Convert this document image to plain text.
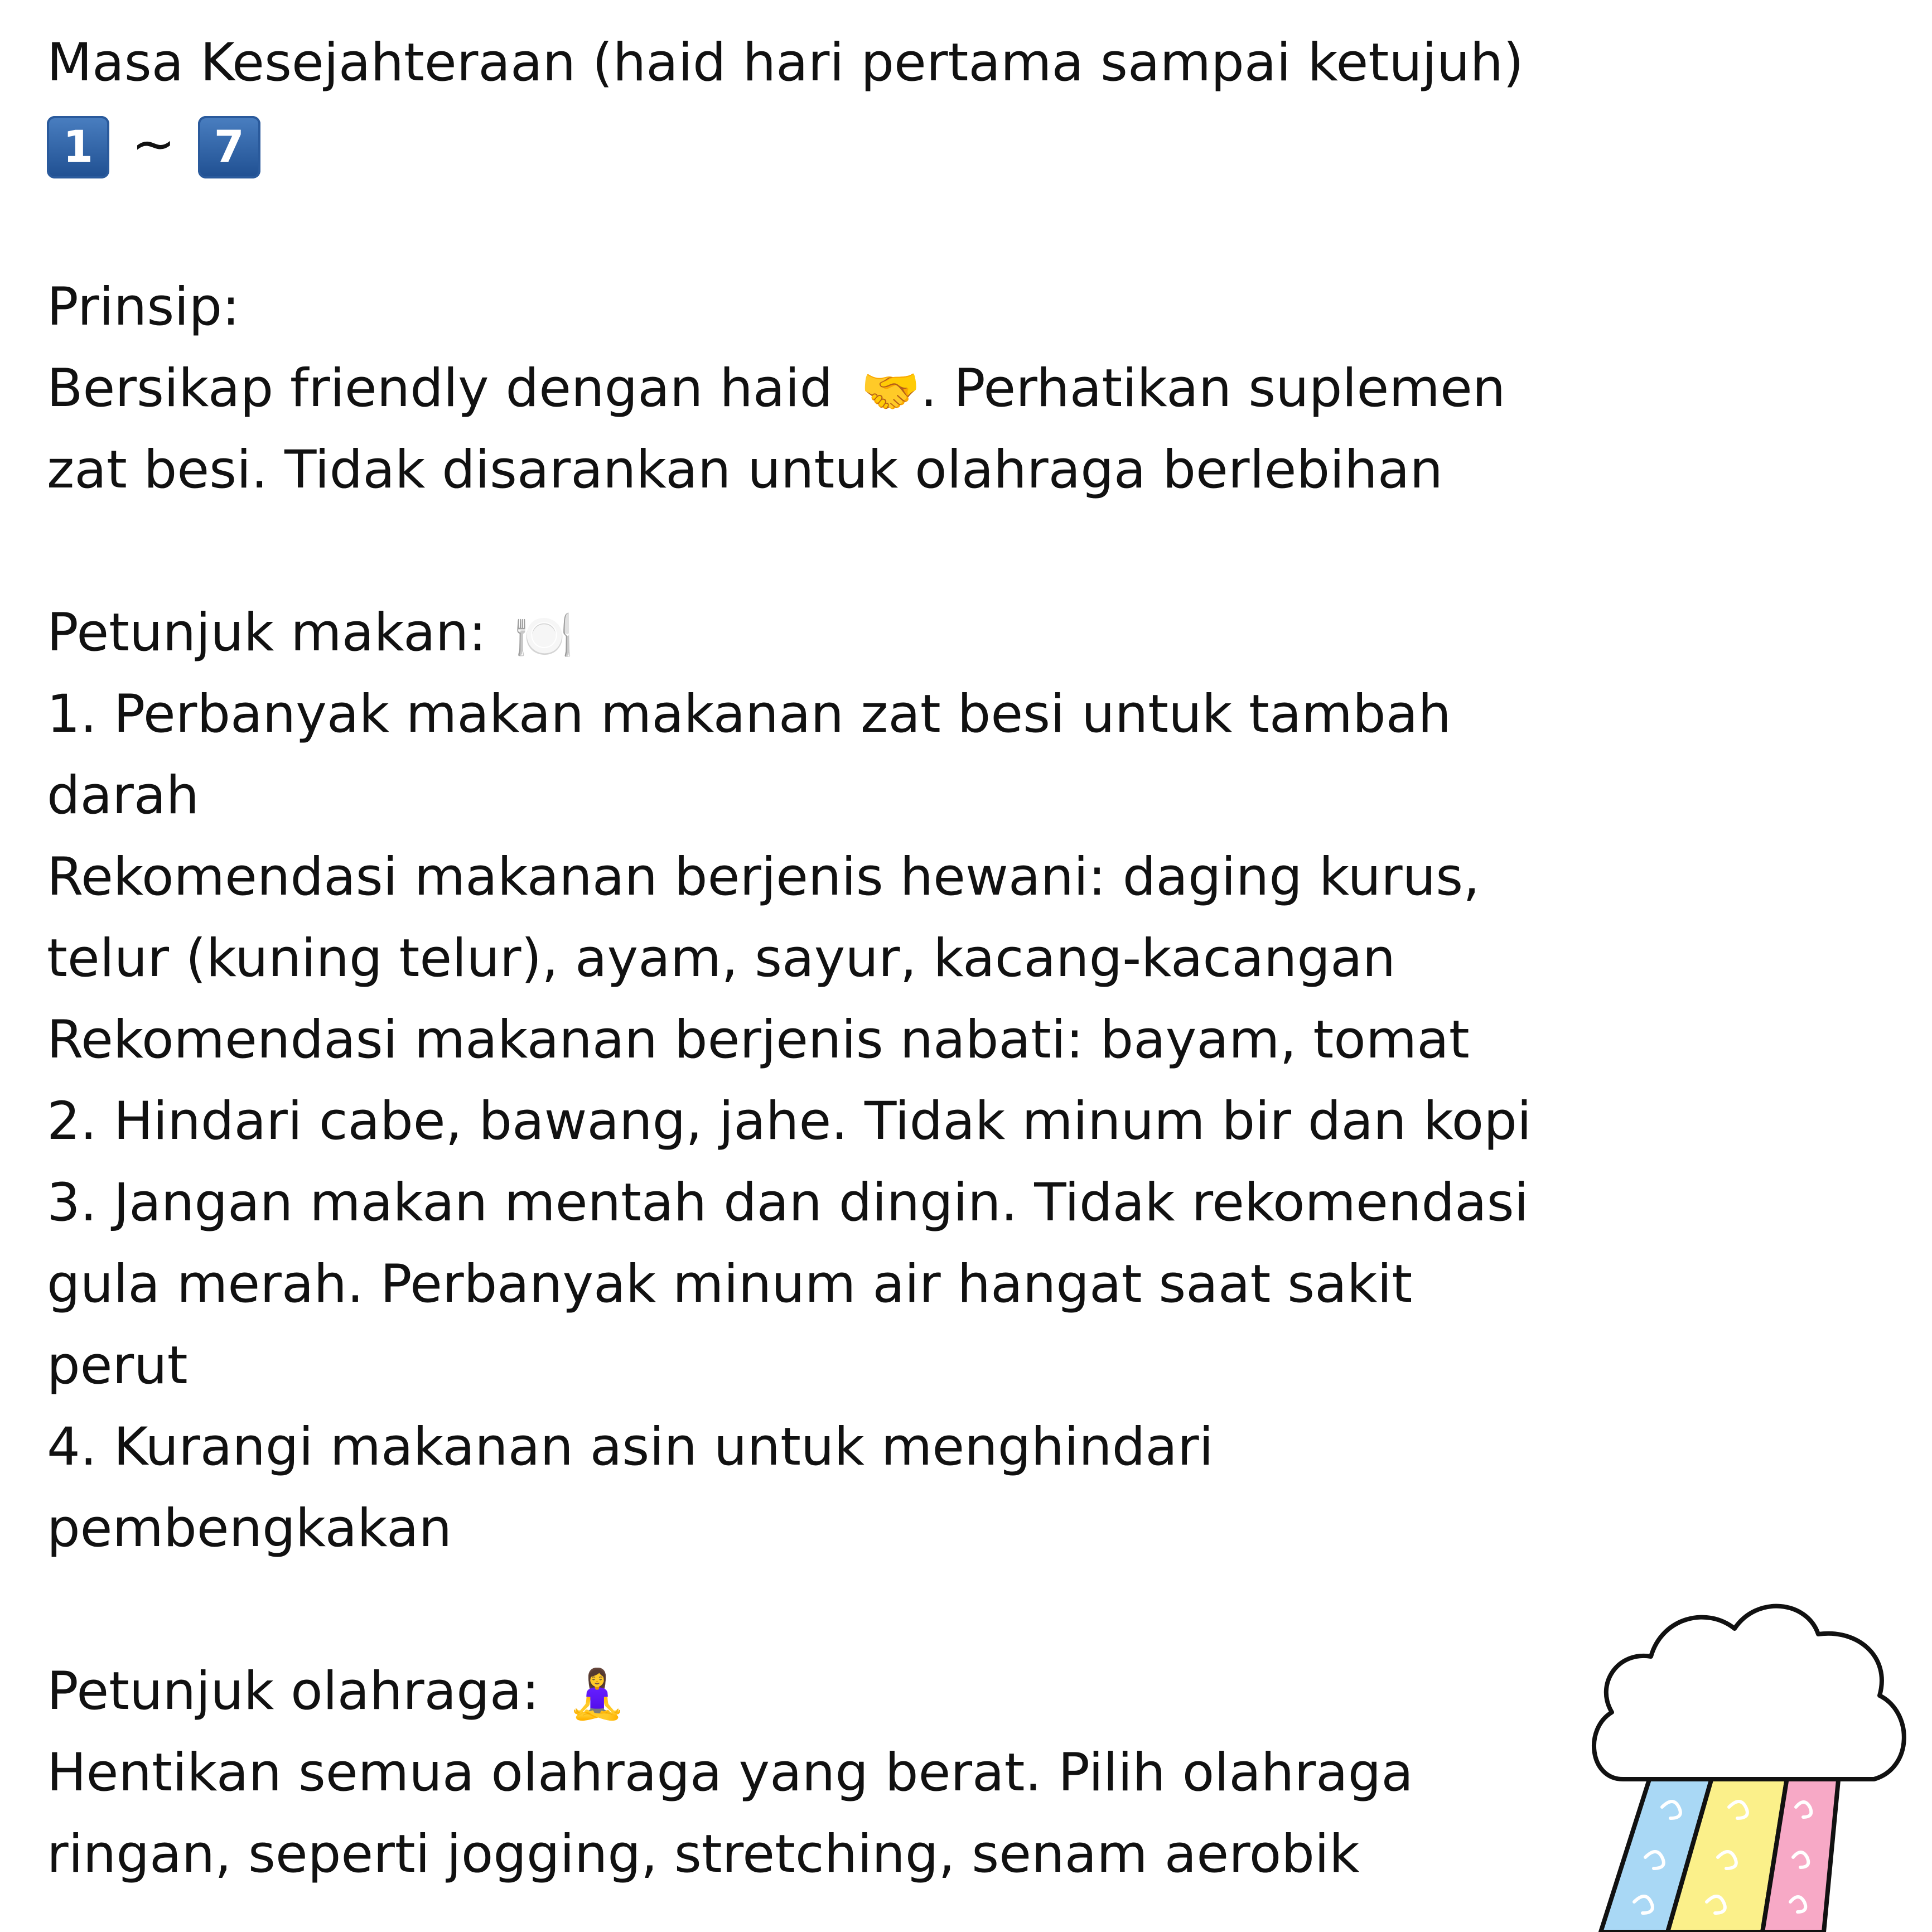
Masa Kesejahteraan (haid hari pertama sampai ketujuh)
1 ~ 7
Prinsip:
Bersikap friendly dengan haid 🤝. Perhatikan suplemen
zat besi. Tidak disarankan untuk olahraga berlebihan
Petunjuk makan: 🍽️
1. Perbanyak makan makanan zat besi untuk tambah
darah
Rekomendasi makanan berjenis hewani: daging kurus,
telur (kuning telur), ayam, sayur, kacang-kacangan
Rekomendasi makanan berjenis nabati: bayam, tomat
2. Hindari cabe, bawang, jahe. Tidak minum bir dan kopi
3. Jangan makan mentah dan dingin. Tidak rekomendasi
gula merah. Perbanyak minum air hangat saat sakit
perut
4. Kurangi makanan asin untuk menghindari
pembengkakan
Petunjuk olahraga: 🧘‍♀️
Hentikan semua olahraga yang berat. Pilih olahraga
ringan, seperti jogging, stretching, senam aerobik
